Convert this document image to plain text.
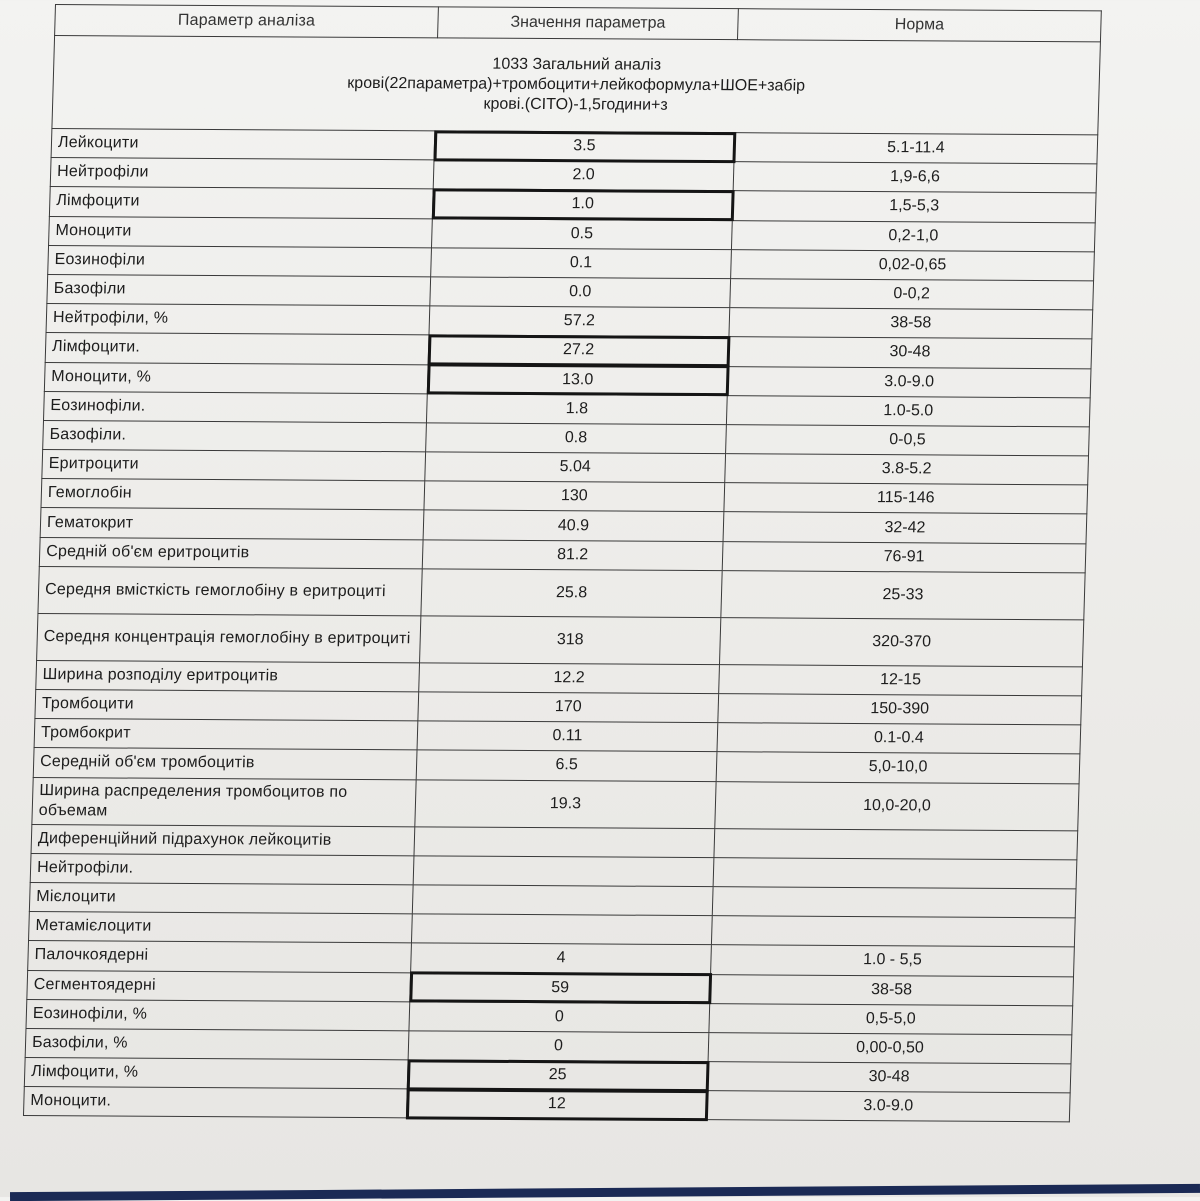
Параметр аналіза	Значення параметра	Норма

1033 Загальний аналіз
крові(22параметра)+тромбоцити+лейкоформула+ШОЕ+забір
крові.(CITO)-1,5години+з		

Лейкоцити	3.5	5.1-11.4
Нейтрофіли	2.0	1,9-6,6
Лімфоцити	1.0	1,5-5,3
Моноцити	0.5	0,2-1,0
Еозинофіли	0.1	0,02-0,65
Базофіли	0.0	0-0,2
Нейтрофіли, %	57.2	38-58
Лімфоцити.	27.2	30-48
Моноцити, %	13.0	3.0-9.0
Еозинофіли.	1.8	1.0-5.0
Базофіли.	0.8	0-0,5
Еритроцити	5.04	3.8-5.2
Гемоглобін	130	115-146
Гематокрит	40.9	32-42
Средній об'єм еритроцитів	81.2	76-91
Середня вмісткість гемоглобіну в еритроциті	25.8	25-33
Середня концентрація гемоглобіну в еритроциті	318	320-370
Ширина розподілу еритроцитів	12.2	12-15
Тромбоцити	170	150-390
Тромбокрит	0.11	0.1-0.4
Середній об'єм тромбоцитів	6.5	5,0-10,0
Ширина распределения тромбоцитов по объемам	19.3	10,0-20,0
Диференційний підрахунок лейкоцитів		
Нейтрофіли.		
Мієлоцити		
Метамієлоцити		
Палочкоядерні	4	1.0 - 5,5
Сегментоядерні	59	38-58
Еозинофіли, %	0	0,5-5,0
Базофіли, %	0	0,00-0,50
Лімфоцити, %	25	30-48
Моноцити.	12	3.0-9.0
